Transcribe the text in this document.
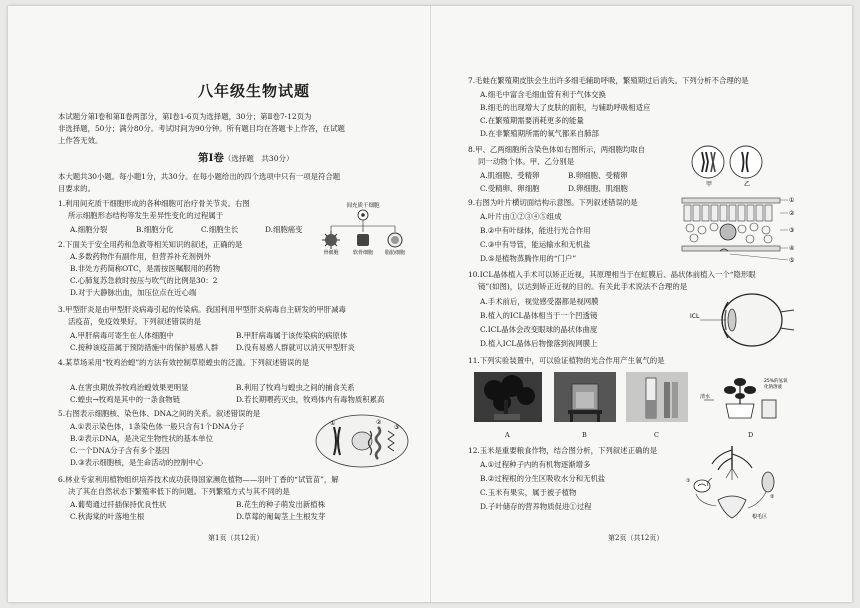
八年级生物试题
本试题分第Ⅰ卷和第Ⅱ卷两部分，第Ⅰ卷1-6页为选择题，30分；第Ⅱ卷7-12页为
非选择题，50分；满分80分。考试时间为90分钟。所有题目均在答题卡上作答，在试题
上作答无效。
第Ⅰ卷（选择题　共30分）
本大题共30小题。每小题1分，共30分。在每小题给出的四个选项中只有一项是符合题
目要求的。
1.利用间充质干细胞形成的各种细胞可治疗骨关节炎。右图
所示细胞形态结构等发生差异性变化的过程属于
A.细胞分裂	B.细胞分化	C.细胞生长	D.细胞癌变
间充质干细胞
骨细胞	软骨细胞 脂肪细胞
2.下面关于安全用药和急救等相关知识的叙述，正确的是
A.多数药物作有副作用，但营养补充剂例外
B.非处方药简称OTC，是需按医嘱服用的药物
C.心肺复苏急救时按压与吹气的比例是30：2
D.对于大静脉出血，加压位点在近心端
3.甲型肝炎是由甲型肝炎病毒引起的传染病。我国利用甲型肝炎病毒自主研发的甲肝减毒
活疫苗，免疫效果好。下列叙述错误的是
A.甲肝病毒可寄生在人体细胞中	B.甲肝病毒属于该传染病的病原体
C.接种该疫苗属于预防措施中的保护易感人群 D.没有易感人群就可以消灭甲型肝炎
4.某草场采用“牧鸡治蝗”的方法有效控制草原蝗虫的泛滥。下列叙述错误的是
A.在害虫期放养牧鸡治蝗效果更明显	B.利用了牧鸡与蝗虫之间的捕食关系
C.蝗虫→牧鸡是其中的一条食物链	D.若长期喂药灭虫，牧鸡体内有毒物质积累高
5.右图表示细胞核、染色体、DNA之间的关系。叙述错误的是
A.①表示染色体，1条染色体一般只含有1个DNA分子
B.②表示DNA，是决定生物性状的基本单位
C.一个DNA分子含有多个基因
D.③表示细胞核，是生命活动的控制中心
①	②
③
6.林业专家利用植物组织培养技术成功获得国家濒危植物——羽叶丁香的“试管苗”，解
决了其在自然状态下繁殖率低下的问题。下列繁殖方式与其不同的是
A.葡萄通过扦插保持优良性状	B.花生的种子萌发出新植株
C.秋海棠的叶落地生根	D.草莓的匍匐茎上生根发芽
第1页（共12页）
7.毛蛙在繁殖期皮肤会生出许多细毛辅助呼吸，繁殖期过后消失。下列分析不合理的是
A.细毛中富含毛细血管有利于气体交换
B.细毛的出现增大了皮肤的面积，与辅助呼吸相适应
C.在繁殖期需要消耗更多的能量
D.在非繁殖期所需的氧气都来自肺部
8.甲、乙两细胞所含染色体如右图所示，两细胞均取自
同一动物个体。甲、乙分别是
A.肌细胞、受精卵	B.卵细胞、受精卵
C.受精卵、卵细胞	D.卵细胞、肌细胞	甲	乙
9.右图为叶片横切面结构示意图。下列叙述错误的是
A.叶片由①②③④⑤组成
B.②中有叶绿体，能进行光合作用
C.③中有导管，能运输水和无机盐
D.⑤是植物蒸腾作用的“门户”
①
②
③
④
⑤
10.ICL晶体植入手术可以矫正近视，其原理相当于在虹膜后、晶状体前植入一个“隐形眼
镜”(如图)，以达到矫正近视的目的。有关此手术说法不合理的是
A.手术前后，视觉感受器都是视网膜
B.植入的ICL晶体相当于一个凹透镜
C.ICL晶体会改变眼球的晶状体曲度
D.植入ICL晶体后物像落到视网膜上
ICL
11.下列实验装置中，可以验证植物的光合作用产生氧气的是
清水
25%的氢氧
化钠溶液
A	B	C	D
12.玉米是重要粮食作物，结合图分析，下列叙述正确的是
A.①过程种子内的有机物逐渐增多
B.②过程根的分生区吸收水分和无机盐
C.玉米有果实，属于被子植物
D.子叶储存的营养物质促进①过程
①
②
根毛区
第2页（共12页）
